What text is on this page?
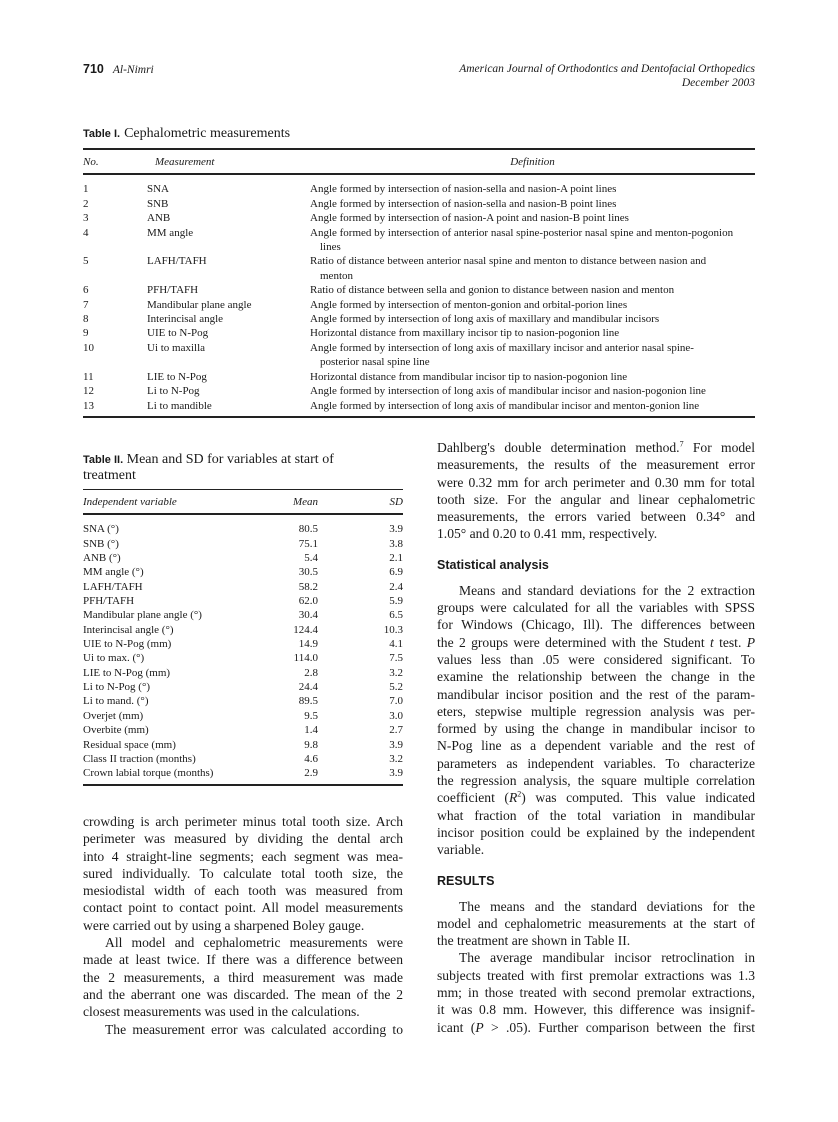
710 Al-Nimri	American Journal of Orthodontics and Dentofacial Orthopedics
December 2003
Table I. Cephalometric measurements
No.	Measurement	Definition
1	SNA	Angle formed by intersection of nasion-sella and nasion-A point lines

2	SNB	Angle formed by intersection of nasion-sella and nasion-B point lines

3	ANB	Angle formed by intersection of nasion-A point and nasion-B point lines

4	MM angle	Angle formed by intersection of anterior nasal spine-posterior nasal spine and menton-pogonion
lines

5	LAFH/TAFH	Ratio of distance between anterior nasal spine and menton to distance between nasion and
menton

6	PFH/TAFH	Ratio of distance between sella and gonion to distance between nasion and menton

7	Mandibular plane angle	Angle formed by intersection of menton-gonion and orbital-porion lines

8	Interincisal angle	Angle formed by intersection of long axis of maxillary and mandibular incisors

9	UIE to N-Pog	Horizontal distance from maxillary incisor tip to nasion-pogonion line

10	Ui to maxilla	Angle formed by intersection of long axis of maxillary incisor and anterior nasal spine-
posterior nasal spine line

11	LIE to N-Pog	Horizontal distance from mandibular incisor tip to nasion-pogonion line

12	Li to N-Pog	Angle formed by intersection of long axis of mandibular incisor and nasion-pogonion line

13	Li to mandible	Angle formed by intersection of long axis of mandibular incisor and menton-gonion line
Table II. Mean and SD for variables at start of
treatment
Independent variable	Mean	SD

SNA (°)	80.5	3.9
SNB (°)	75.1	3.8
ANB (°)	5.4	2.1
MM angle (°)	30.5	6.9
LAFH/TAFH	58.2	2.4
PFH/TAFH	62.0	5.9
Mandibular plane angle (°)	30.4	6.5
Interincisal angle (°)	124.4	10.3
UIE to N-Pog (mm)	14.9	4.1
Ui to max. (°)	114.0	7.5
LIE to N-Pog (mm)	2.8	3.2
Li to N-Pog (°)	24.4	5.2
Li to mand. (°)	89.5	7.0
Overjet (mm)	9.5	3.0
Overbite (mm)	1.4	2.7
Residual space (mm)	9.8	3.9
Class II traction (months)	4.6	3.2
Crown labial torque (months)	2.9	3.9
crowding is arch perimeter minus total tooth size. Arch
perimeter was measured by dividing the dental arch
into 4 straight-line segments; each segment was mea-
sured individually. To calculate total tooth size, the
mesiodistal width of each tooth was measured from
contact point to contact point. All model measurements
were carried out by using a sharpened Boley gauge.
All model and cephalometric measurements were
made at least twice. If there was a difference between
the 2 measurements, a third measurement was made
and the aberrant one was discarded. The mean of the 2
closest measurements was used in the calculations.
The measurement error was calculated according to
Dahlberg's double determination method.$^7$ For model
measurements, the results of the measurement error
were 0.32 mm for arch perimeter and 0.30 mm for total
tooth size. For the angular and linear cephalometric
measurements, the errors varied between 0.34° and
1.05° and 0.20 to 0.41 mm, respectively.
Statistical analysis
Means and standard deviations for the 2 extraction
groups were calculated for all the variables with SPSS
for Windows (Chicago, Ill). The differences between
the 2 groups were determined with the Student t test. P
values less than .05 were considered significant. To
examine the relationship between the change in the
mandibular incisor position and the rest of the param-
eters, stepwise multiple regression analysis was per-
formed by using the change in mandibular incisor to
N-Pog line as a dependent variable and the rest of
parameters as independent variables. To characterize
the regression analysis, the square multiple correlation
coefficient $(R^2)$ was computed. This value indicated
what fraction of the total variation in mandibular
incisor position could be explained by the independent
variable.
RESULTS
The means and the standard deviations for the
model and cephalometric measurements at the start of
the treatment are shown in Table II.
The average mandibular incisor retroclination in
subjects treated with first premolar extractions was 1.3
mm; in those treated with second premolar extractions,
it was 0.8 mm. However, this difference was insignif-
icant (P > .05). Further comparison between the first
